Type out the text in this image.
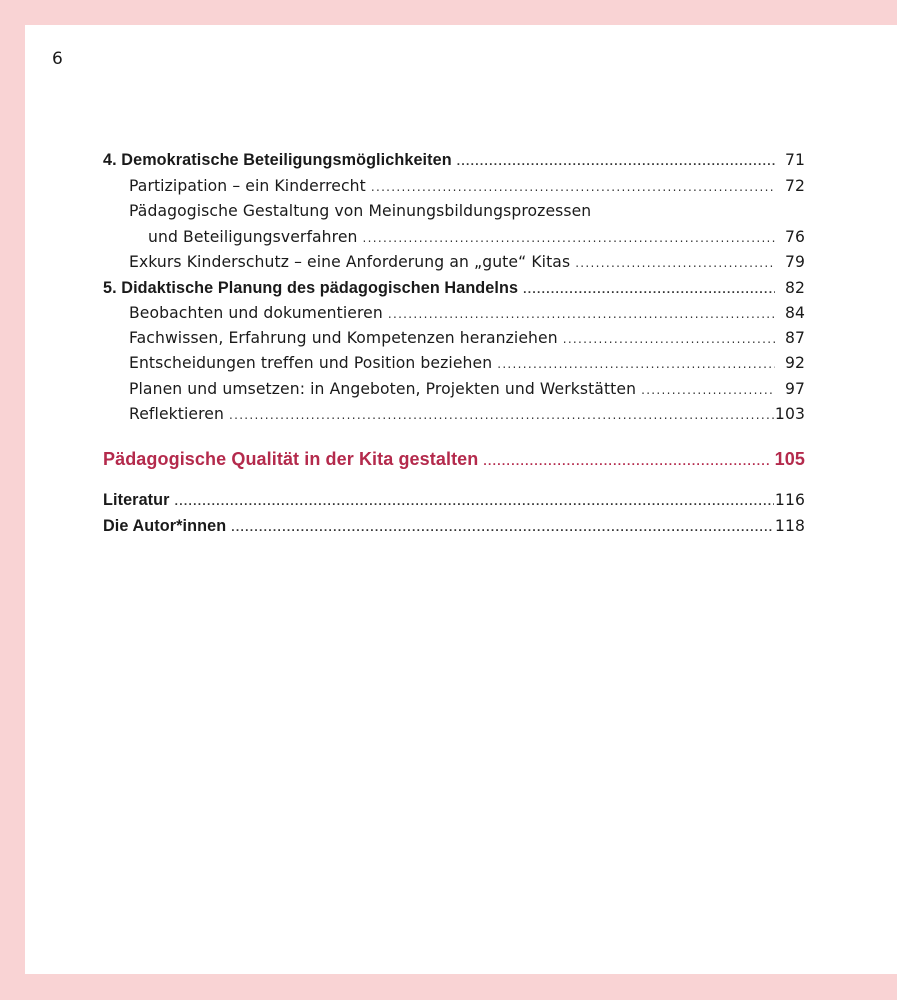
6
4. Demokratische Beteiligungsmöglichkeiten .....	71
Partizipation – ein Kinderrecht .....	72
Pädagogische Gestaltung von Meinungsbildungsprozessen
und Beteiligungsverfahren .....	76
Exkurs Kinderschutz – eine Anforderung an „gute“ Kitas .....	79
5. Didaktische Planung des pädagogischen Handelns .....	82
Beobachten und dokumentieren .....	84
Fachwissen, Erfahrung und Kompetenzen heranziehen .....	87
Entscheidungen treffen und Position beziehen .....	92
Planen und umsetzen: in Angeboten, Projekten und Werkstätten .....	97
Reflektieren .....	103
Pädagogische Qualität in der Kita gestalten .....	105
Literatur .....	116
Die Autor*innen .....	118
